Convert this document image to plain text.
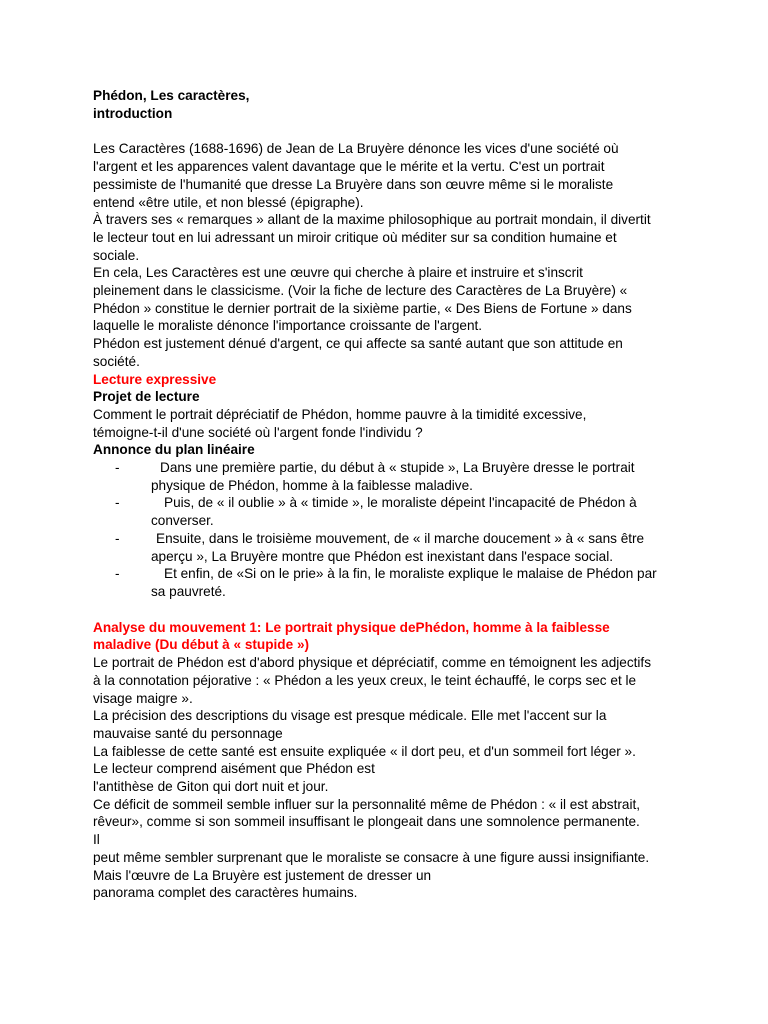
Phédon, Les caractères,
introduction
Les Caractères (1688-1696) de Jean de La Bruyère dénonce les vices d'une société où
l'argent et les apparences valent davantage que le mérite et la vertu. C'est un portrait
pessimiste de l'humanité que dresse La Bruyère dans son œuvre même si le moraliste
entend «être utile, et non blessé (épigraphe).
À travers ses « remarques » allant de la maxime philosophique au portrait mondain, il divertit
le lecteur tout en lui adressant un miroir critique où méditer sur sa condition humaine et
sociale.
En cela, Les Caractères est une œuvre qui cherche à plaire et instruire et s'inscrit
pleinement dans le classicisme. (Voir la fiche de lecture des Caractères de La Bruyère) «
Phédon » constitue le dernier portrait de la sixième partie, « Des Biens de Fortune » dans
laquelle le moraliste dénonce l'importance croissante de l'argent.
Phédon est justement dénué d'argent, ce qui affecte sa santé autant que son attitude en
société.
Lecture expressive
Projet de lecture
Comment le portrait dépréciatif de Phédon, homme pauvre à la timidité excessive,
témoigne-t-il d'une société où l'argent fonde l'individu ?
Annonce du plan linéaire
-	Dans une première partie, du début à « stupide », La Bruyère dresse le portrait
physique de Phédon, homme à la faiblesse maladive.
-	Puis, de « il oublie » à « timide », le moraliste dépeint l'incapacité de Phédon à
converser.
-	Ensuite, dans le troisième mouvement, de « il marche doucement » à « sans être
aperçu », La Bruyère montre que Phédon est inexistant dans l'espace social.
-	Et enfin, de «Si on le prie» à la fin, le moraliste explique le malaise de Phédon par
sa pauvreté.
Analyse du mouvement 1: Le portrait physique dePhédon, homme à la faiblesse
maladive (Du début à « stupide »)
Le portrait de Phédon est d'abord physique et dépréciatif, comme en témoignent les adjectifs
à la connotation péjorative : « Phédon a les yeux creux, le teint échauffé, le corps sec et le
visage maigre ».
La précision des descriptions du visage est presque médicale. Elle met l'accent sur la
mauvaise santé du personnage
La faiblesse de cette santé est ensuite expliquée « il dort peu, et d'un sommeil fort léger ».
Le lecteur comprend aisément que Phédon est
l'antithèse de Giton qui dort nuit et jour.
Ce déficit de sommeil semble influer sur la personnalité même de Phédon : « il est abstrait,
rêveur», comme si son sommeil insuffisant le plongeait dans une somnolence permanente.
Il
peut même sembler surprenant que le moraliste se consacre à une figure aussi insignifiante.
Mais l'œuvre de La Bruyère est justement de dresser un
panorama complet des caractères humains.
